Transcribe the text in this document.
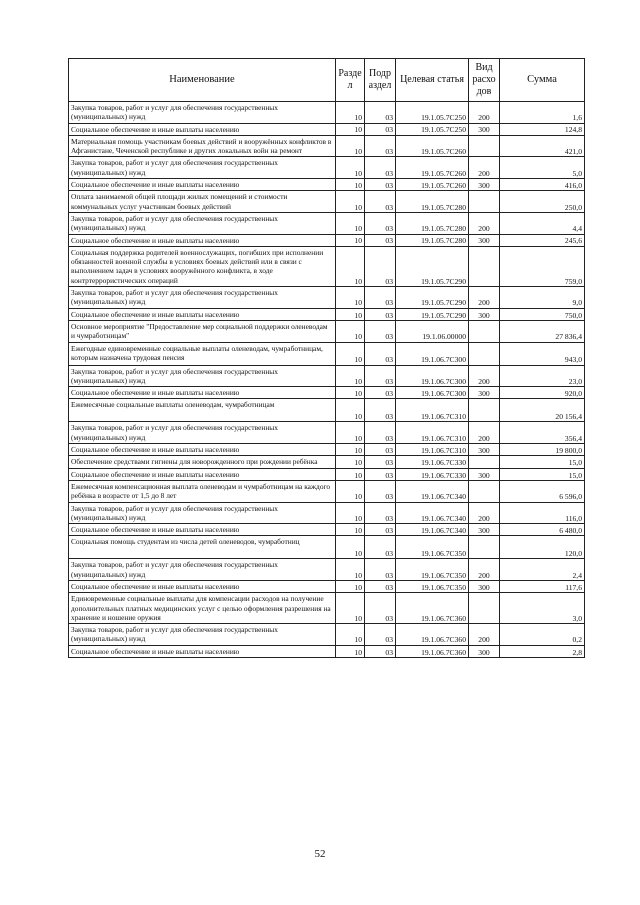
Наименование	Разде л	Подр аздел	Целевая статья	Вид расхо дов	Сумма
Закупка товаров, работ и услуг для обеспечения государственных (муниципальных) нужд	10	03	19.1.05.7С250	200	1,6
Социальное обеспечение и иные выплаты населению	10	03	19.1.05.7С250	300	124,8
Материальная помощь участникам боевых действий и вооружённых конфликтов в Афганистане, Чеченской республике и других локальных войн на ремонт	10	03	19.1.05.7С260		421,0
Закупка товаров, работ и услуг для обеспечения государственных (муниципальных) нужд	10	03	19.1.05.7С260	200	5,0
Социальное обеспечение и иные выплаты населению	10	03	19.1.05.7С260	300	416,0
Оплата занимаемой общей площади жилых помещений и стоимости коммунальных услуг участникам боевых действий	10	03	19.1.05.7С280		250,0
Закупка товаров, работ и услуг для обеспечения государственных (муниципальных) нужд	10	03	19.1.05.7С280	200	4,4
Социальное обеспечение и иные выплаты населению	10	03	19.1.05.7С280	300	245,6
Социальная поддержка родителей военнослужащих, погибших при исполнении обязанностей военной службы в условиях боевых действий или в связи с выполнением задач в условиях вооружённого конфликта, в ходе контртеррористических операций	10	03	19.1.05.7С290		759,0
Закупка товаров, работ и услуг для обеспечения государственных (муниципальных) нужд	10	03	19.1.05.7С290	200	9,0
Социальное обеспечение и иные выплаты населению	10	03	19.1.05.7С290	300	750,0
Основное мероприятие "Предоставление мер социальной поддержки оленеводам и чумработницам"	10	03	19.1.06.00000		27 836,4
Ежегодные единовременные социальные выплаты оленеводам, чумработницам, которым назначена трудовая пенсия	10	03	19.1.06.7С300		943,0
Закупка товаров, работ и услуг для обеспечения государственных (муниципальных) нужд	10	03	19.1.06.7С300	200	23,0
Социальное обеспечение и иные выплаты населению	10	03	19.1.06.7С300	300	920,0
Ежемесячные социальные выплаты оленеводам, чумработницам	10	03	19.1.06.7С310		20 156,4
Закупка товаров, работ и услуг для обеспечения государственных (муниципальных) нужд	10	03	19.1.06.7С310	200	356,4
Социальное обеспечение и иные выплаты населению	10	03	19.1.06.7С310	300	19 800,0
Обеспечение средствами гигиены для новорожденного при рождении ребёнка	10	03	19.1.06.7С330		15,0
Социальное обеспечение и иные выплаты населению	10	03	19.1.06.7С330	300	15,0
Ежемесячная компенсационная выплата оленеводам и чумработницам на каждого ребёнка в возрасте от 1,5 до 8 лет	10	03	19.1.06.7С340		6 596,0
Закупка товаров, работ и услуг для обеспечения государственных (муниципальных) нужд	10	03	19.1.06.7С340	200	116,0
Социальное обеспечение и иные выплаты населению	10	03	19.1.06.7С340	300	6 480,0
Социальная помощь студентам из числа детей оленеводов, чумработниц	10	03	19.1.06.7С350		120,0
Закупка товаров, работ и услуг для обеспечения государственных (муниципальных) нужд	10	03	19.1.06.7С350	200	2,4
Социальное обеспечение и иные выплаты населению	10	03	19.1.06.7С350	300	117,6
Единовременные социальные выплаты для компенсации расходов на получение дополнительных платных медицинских услуг с целью оформления разрешения на хранение и ношение оружия	10	03	19.1.06.7С360		3,0
Закупка товаров, работ и услуг для обеспечения государственных (муниципальных) нужд	10	03	19.1.06.7С360	200	0,2
Социальное обеспечение и иные выплаты населению	10	03	19.1.06.7С360	300	2,8
52
